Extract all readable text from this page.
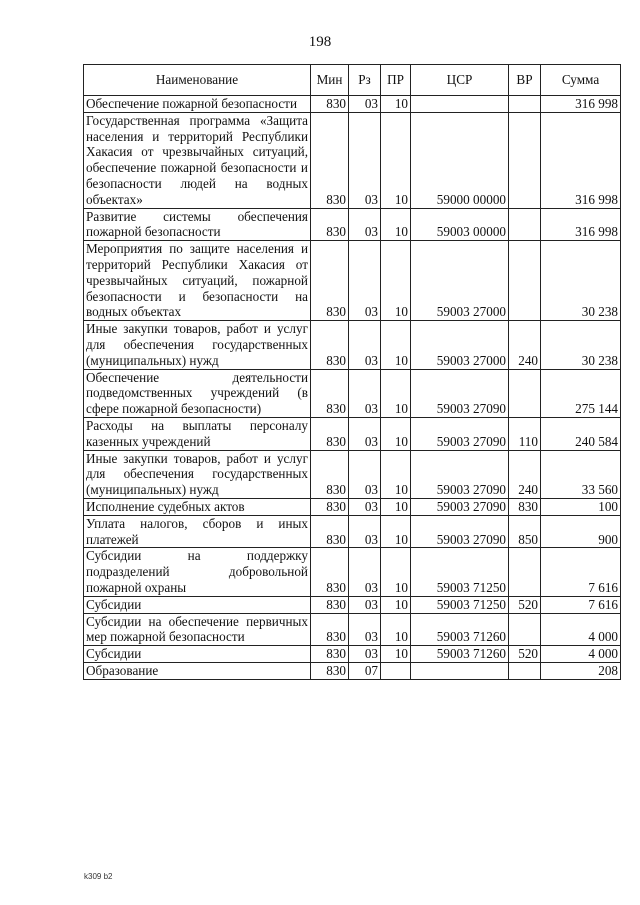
198
Наименование	Мин	Рз	ПР	ЦСР	ВР	Сумма
Обеспечение пожарной безопасности	830	03	10			316 998
Государственная программа «Защита населения и территорий Республики Хакасия от чрезвычайных ситуаций, обеспечение пожарной безопасности и безопасности людей на водных объектах»	830	03	10	59000 00000		316 998
Развитие системы обеспечения пожарной безопасности	830	03	10	59003 00000		316 998
Мероприятия по защите населения и территорий Республики Хакасия от чрезвычайных ситуаций, пожарной безопасности и безопасности на водных объектах	830	03	10	59003 27000		30 238
Иные закупки товаров, работ и услуг для обеспечения государственных (муниципальных) нужд	830	03	10	59003 27000	240	30 238
Обеспечение деятельности подведомственных учреждений (в сфере пожарной безопасности)	830	03	10	59003 27090		275 144
Расходы на выплаты персоналу казенных учреждений	830	03	10	59003 27090	110	240 584
Иные закупки товаров, работ и услуг для обеспечения государственных (муниципальных) нужд	830	03	10	59003 27090	240	33 560
Исполнение судебных актов	830	03	10	59003 27090	830	100
Уплата налогов, сборов и иных платежей	830	03	10	59003 27090	850	900
Субсидии на поддержку подразделений добровольной пожарной охраны	830	03	10	59003 71250		7 616
Субсидии	830	03	10	59003 71250	520	7 616
Субсидии на обеспечение первичных мер пожарной безопасности	830	03	10	59003 71260		4 000
Субсидии	830	03	10	59003 71260	520	4 000
Образование	830	07				208
k309 b2
